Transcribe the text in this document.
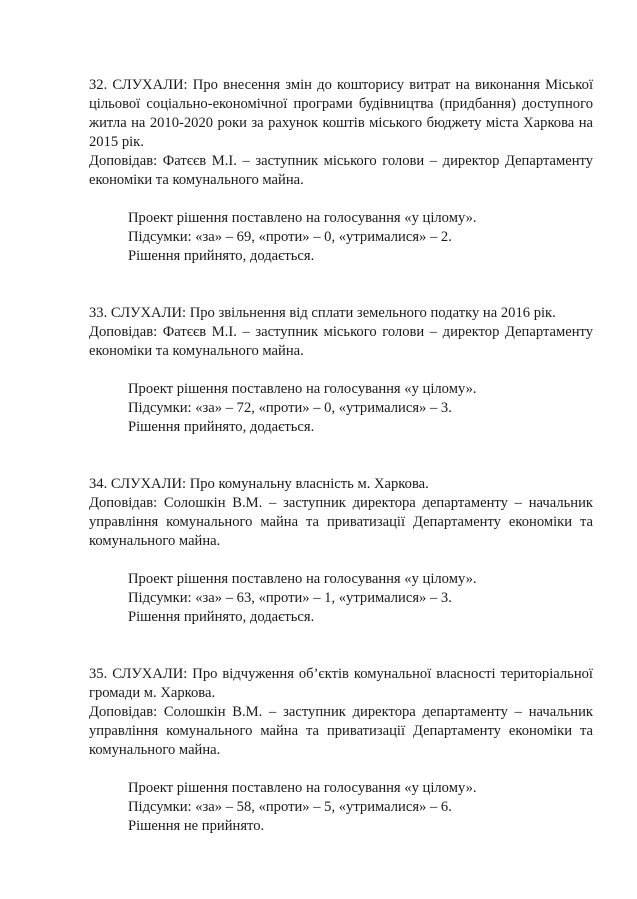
32. СЛУХАЛИ: Про внесення змін до кошторису витрат на виконання Міської цільової соціально-економічної програми будівництва (придбання) доступного житла на 2010-2020 роки за рахунок коштів міського бюджету міста Харкова на 2015 рік.

Доповідав: Фатєєв М.І. – заступник міського голови – директор Департаменту економіки та комунального майна.

Проект рішення поставлено на голосування «у цілому».

Підсумки: «за» – 69, «проти» – 0, «утрималися» – 2.

Рішення прийнято, додається.

33. СЛУХАЛИ: Про звільнення від сплати земельного податку на 2016 рік.

Доповідав: Фатєєв М.І. – заступник міського голови – директор Департаменту економіки та комунального майна.

Проект рішення поставлено на голосування «у цілому».

Підсумки: «за» – 72, «проти» – 0, «утрималися» – 3.

Рішення прийнято, додається.

34. СЛУХАЛИ: Про комунальну власність м. Харкова.

Доповідав: Солошкін В.М. – заступник директора департаменту – начальник управління комунального майна та приватизації Департаменту економіки та комунального майна.

Проект рішення поставлено на голосування «у цілому».

Підсумки: «за» – 63, «проти» – 1, «утрималися» – 3.

Рішення прийнято, додається.

35. СЛУХАЛИ: Про відчуження об’єктів комунальної власності територіальної громади м. Харкова.

Доповідав: Солошкін В.М. – заступник директора департаменту – начальник управління комунального майна та приватизації Департаменту економіки та комунального майна.

Проект рішення поставлено на голосування «у цілому».

Підсумки: «за» – 58, «проти» – 5, «утрималися» – 6.

Рішення не прийнято.
